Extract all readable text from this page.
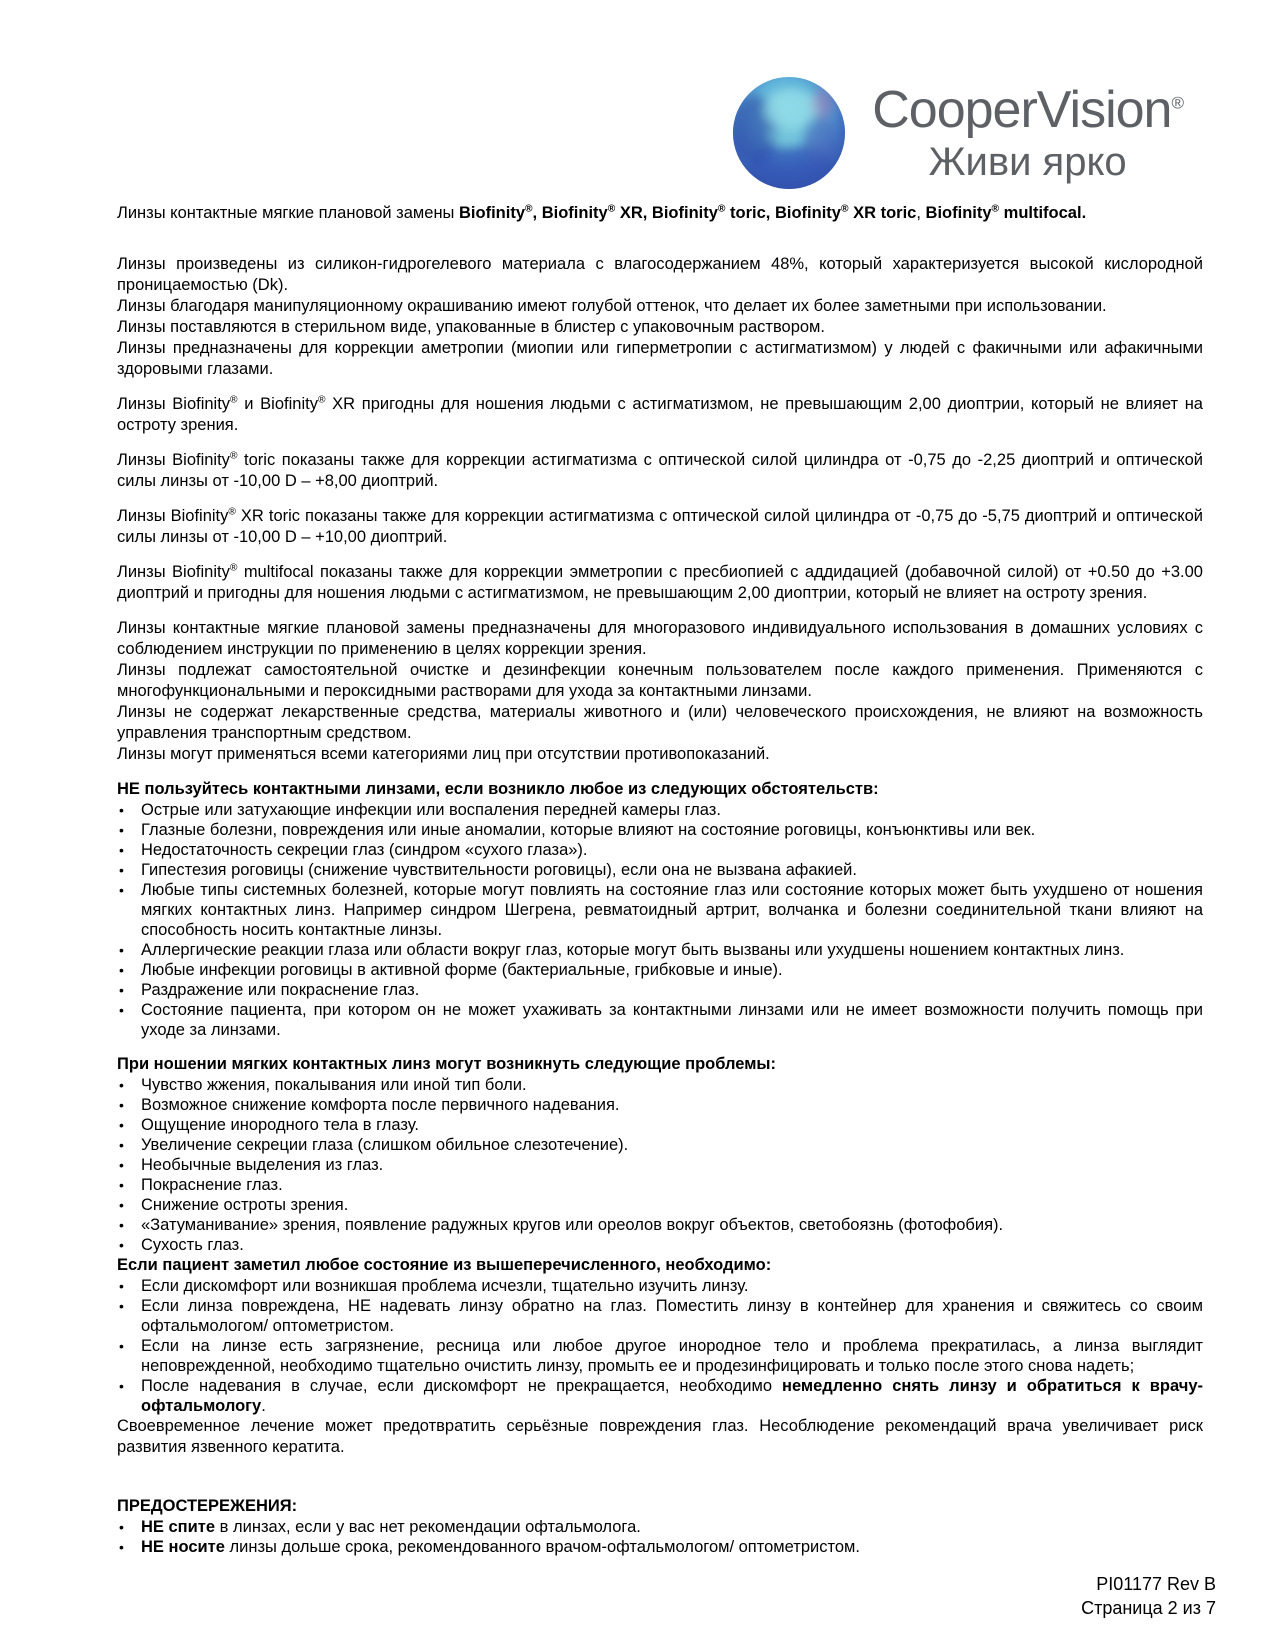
CooperVision®
Живи ярко

Линзы контактные мягкие плановой замены Biofinity®, Biofinity® XR, Biofinity® toric, Biofinity® XR toric, Biofinity® multifocal.

Линзы произведены из силикон-гидрогелевого материала с влагосодержанием 48%, который характеризуется высокой кислородной проницаемостью (Dk).

Линзы благодаря манипуляционному окрашиванию имеют голубой оттенок, что делает их более заметными при использовании.

Линзы поставляются в стерильном виде, упакованные в блистер с упаковочным раствором.

Линзы предназначены для коррекции аметропии (миопии или гиперметропии с астигматизмом) у людей с факичными или афакичными здоровыми глазами.

Линзы Biofinity® и Biofinity® XR пригодны для ношения людьми с астигматизмом, не превышающим 2,00 диоптрии, который не влияет на остроту зрения.

Линзы Biofinity® toric показаны также для коррекции астигматизма с оптической силой цилиндра от -0,75 до -2,25 диоптрий и оптической силы линзы от -10,00 D – +8,00 диоптрий.

Линзы Biofinity® XR toric показаны также для коррекции астигматизма с оптической силой цилиндра от -0,75 до -5,75 диоптрий и оптической силы линзы от -10,00 D – +10,00 диоптрий.

Линзы Biofinity® multifocal показаны также для коррекции эмметропии с пресбиопией с аддидацией (добавочной силой) от +0.50 до +3.00 диоптрий и пригодны для ношения людьми с астигматизмом, не превышающим 2,00 диоптрии, который не влияет на остроту зрения.

Линзы контактные мягкие плановой замены предназначены для многоразового индивидуального использования в домашних условиях с соблюдением инструкции по применению в целях коррекции зрения.

Линзы подлежат самостоятельной очистке и дезинфекции конечным пользователем после каждого применения. Применяются с многофункциональными и пероксидными растворами для ухода за контактными линзами.

Линзы не содержат лекарственные средства, материалы животного и (или) человеческого происхождения, не влияют на возможность управления транспортным средством.

Линзы могут применяться всеми категориями лиц при отсутствии противопоказаний.

НЕ пользуйтесь контактными линзами, если возникло любое из следующих обстоятельств:

• Острые или затухающие инфекции или воспаления передней камеры глаз.
• Глазные болезни, повреждения или иные аномалии, которые влияют на состояние роговицы, конъюнктивы или век.
• Недостаточность секреции глаз (синдром «сухого глаза»).
• Гипестезия роговицы (снижение чувствительности роговицы), если она не вызвана афакией.
• Любые типы системных болезней, которые могут повлиять на состояние глаз или состояние которых может быть ухудшено от ношения мягких контактных линз. Например синдром Шегрена, ревматоидный артрит, волчанка и болезни соединительной ткани влияют на способность носить контактные линзы.
• Аллергические реакции глаза или области вокруг глаз, которые могут быть вызваны или ухудшены ношением контактных линз.
• Любые инфекции роговицы в активной форме (бактериальные, грибковые и иные).
• Раздражение или покраснение глаз.
• Состояние пациента, при котором он не может ухаживать за контактными линзами или не имеет возможности получить помощь при уходе за линзами.

При ношении мягких контактных линз могут возникнуть следующие проблемы:

• Чувство жжения, покалывания или иной тип боли.
• Возможное снижение комфорта после первичного надевания.
• Ощущение инородного тела в глазу.
• Увеличение секреции глаза (слишком обильное слезотечение).
• Необычные выделения из глаз.
• Покраснение глаз.
• Снижение остроты зрения.
• «Затуманивание» зрения, появление радужных кругов или ореолов вокруг объектов, светобоязнь (фотофобия).
• Сухость глаз.

Если пациент заметил любое состояние из вышеперечисленного, необходимо:

• Если дискомфорт или возникшая проблема исчезли, тщательно изучить линзу.
• Если линза повреждена, НЕ надевать линзу обратно на глаз. Поместить линзу в контейнер для хранения и свяжитесь со своим офтальмологом/ оптометристом.
• Если на линзе есть загрязнение, ресница или любое другое инородное тело и проблема прекратилась, а линза выглядит неповрежденной, необходимо тщательно очистить линзу, промыть ее и продезинфицировать и только после этого снова надеть;
• После надевания в случае, если дискомфорт не прекращается, необходимо немедленно снять линзу и обратиться к врачу-офтальмологу.

Своевременное лечение может предотвратить серьёзные повреждения глаз. Несоблюдение рекомендаций врача увеличивает риск развития язвенного кератита.

ПРЕДОСТЕРЕЖЕНИЯ:

• НЕ спите в линзах, если у вас нет рекомендации офтальмолога.
• НЕ носите линзы дольше срока, рекомендованного врачом-офтальмологом/ оптометристом.
PI01177 Rev B
Страница 2 из 7
